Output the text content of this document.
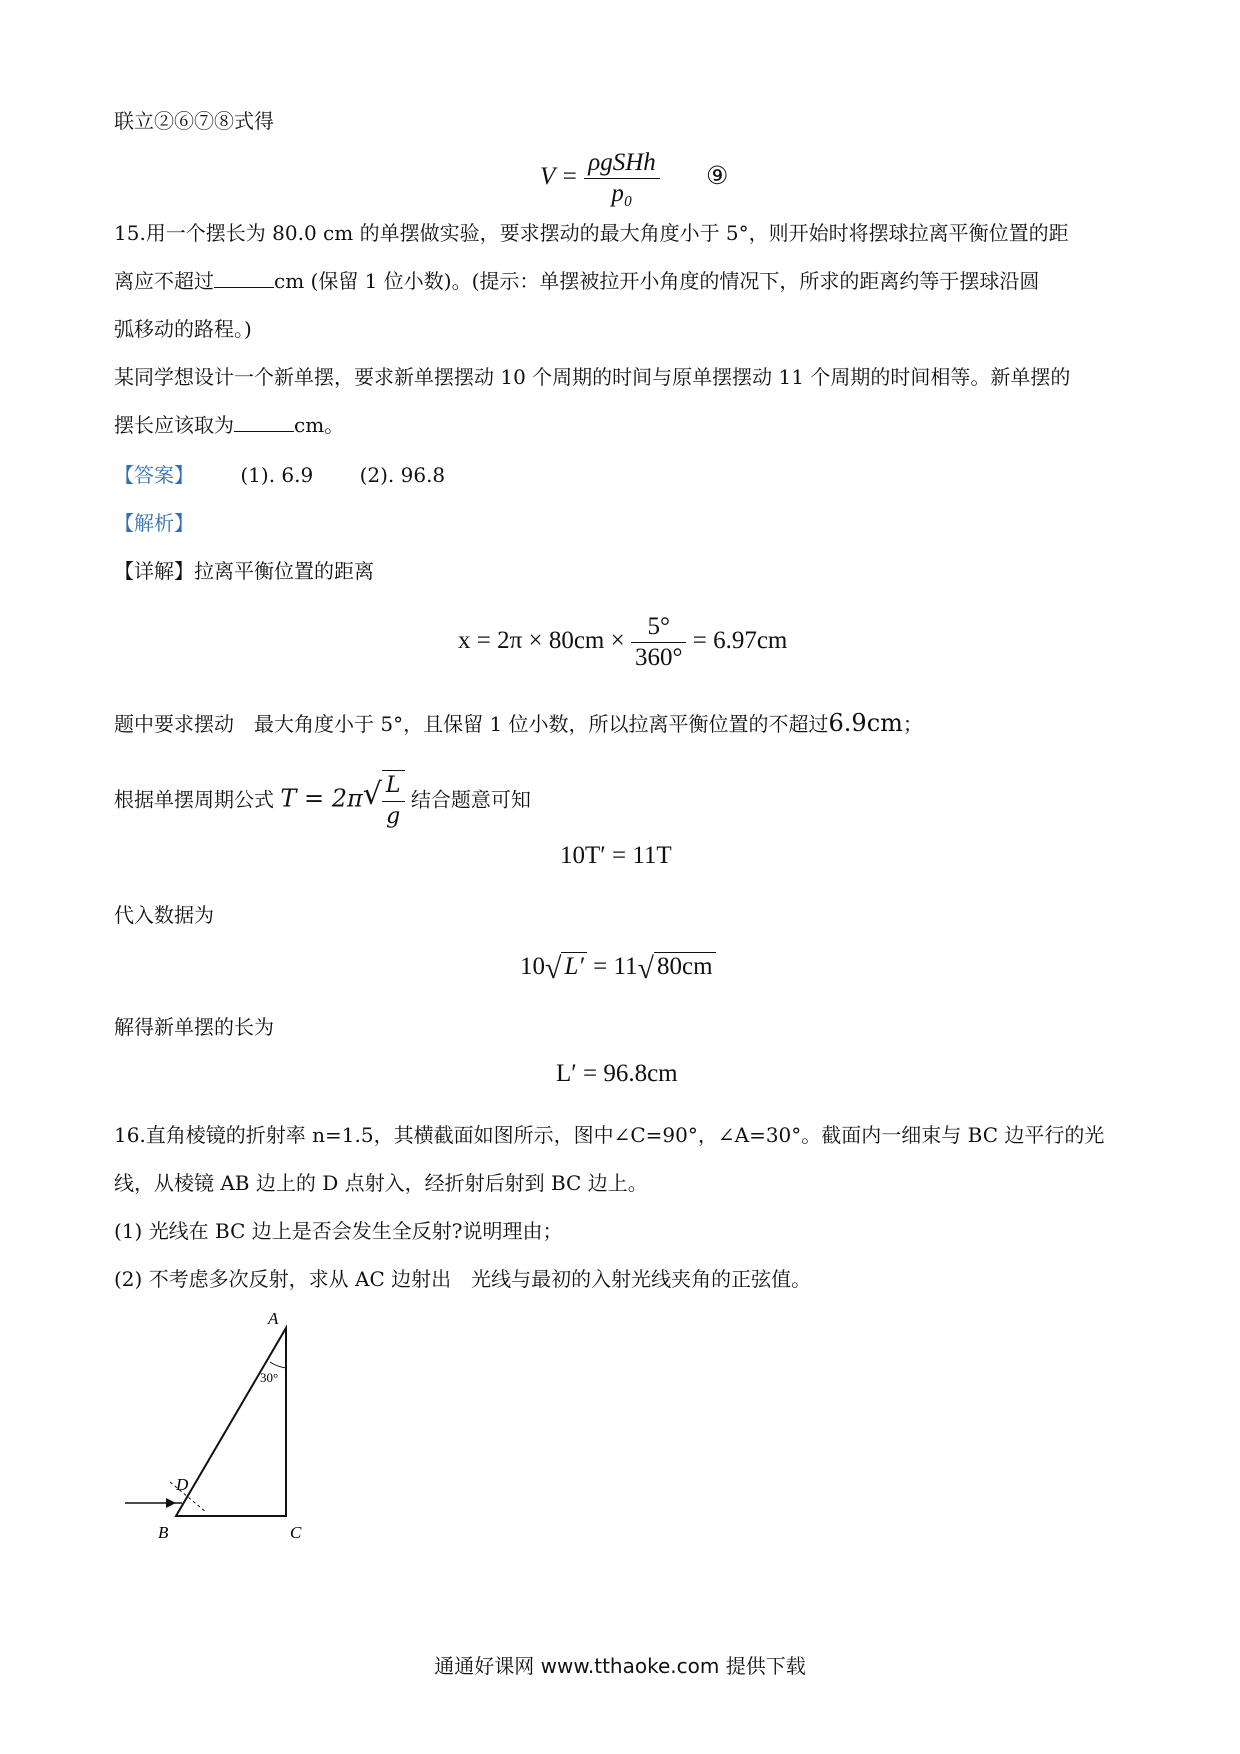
联立②⑥⑦⑧式得
$V = \frac{\text{ρgSHh}}{\text{p₀}}$ ⑨
15.用一个摆长为 80.0 cm 的单摆做实验，要求摆动的最大角度小于 5°，则开始时将摆球拉离平衡位置的距
离应不超过	cm (保留 1 位小数)。(提示：单摆被拉开小角度的情况下，所求的距离约等于摆球沿圆
弧移动的路程。)
某同学想设计一个新单摆，要求新单摆摆动 10 个周期的时间与原单摆摆动 11 个周期的时间相等。新单摆的
摆长应该取为	cm。
【答案】 (1). 6.9 (2). 96.8
【解析】
【详解】拉离平衡位置的距离
$x = 2\pi \times 80cm \times \frac{5^\circ}{360^\circ} = 6.97cm$
题中要求摆动　最大角度小于 5°，且保留 1 位小数，所以拉离平衡位置的不超过6.9cm；
根据单摆周期公式 $T = 2\pi√ \frac{L}{g}$ 结合题意可知
10T′ = 11T
代入数据为
10√ L′ = 11√ 80cm
解得新单摆的长为
L′ = 96.8cm
16.直角棱镜的折射率 n=1.5，其横截面如图所示，图中∠C=90°，∠A=30°。截面内一细束与 BC 边平行的光
线，从棱镜 AB 边上的 D 点射入，经折射后射到 BC 边上。
(1) 光线在 BC 边上是否会发生全反射?说明理由；
(2) 不考虑多次反射，求从 AC 边射出　光线与最初的入射光线夹角的正弦值。
A
30°
D
B	C
通通好课网 www.tthaoke.com 提供下载
